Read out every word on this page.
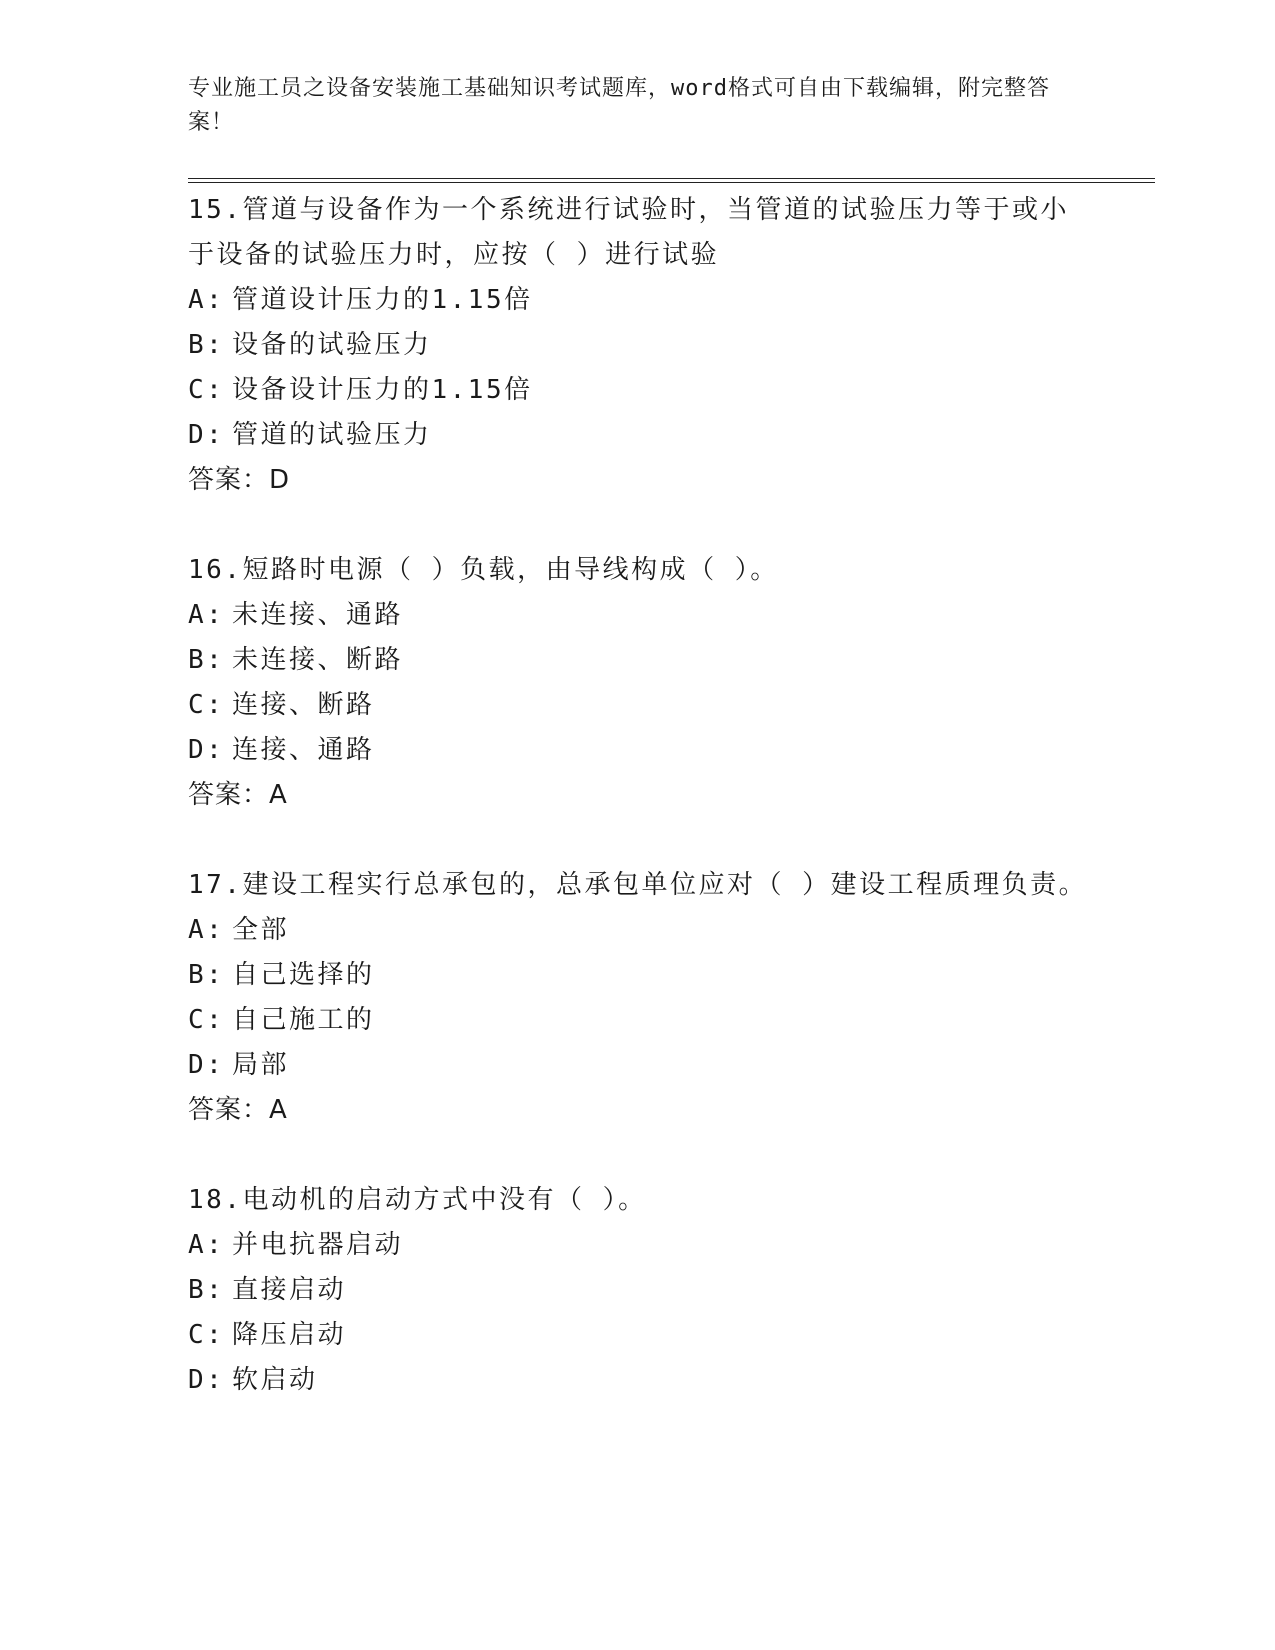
专业施工员之设备安装施工基础知识考试题库，word格式可自由下载编辑，附完整答案！
15.管道与设备作为一个系统进行试验时，当管道的试验压力等于或小于设备的试验压力时，应按（ ）进行试验
A: 管道设计压力的1.15倍
B: 设备的试验压力
C: 设备设计压力的1.15倍
D: 管道的试验压力
答案：D
16.短路时电源（ ）负载，由导线构成（ ）。
A: 未连接、通路
B: 未连接、断路
C: 连接、断路
D: 连接、通路
答案：A
17.建设工程实行总承包的，总承包单位应对（ ）建设工程质理负责。
A: 全部
B: 自己选择的
C: 自己施工的
D: 局部
答案：A
18.电动机的启动方式中没有（ ）。
A: 并电抗器启动
B: 直接启动
C: 降压启动
D: 软启动
